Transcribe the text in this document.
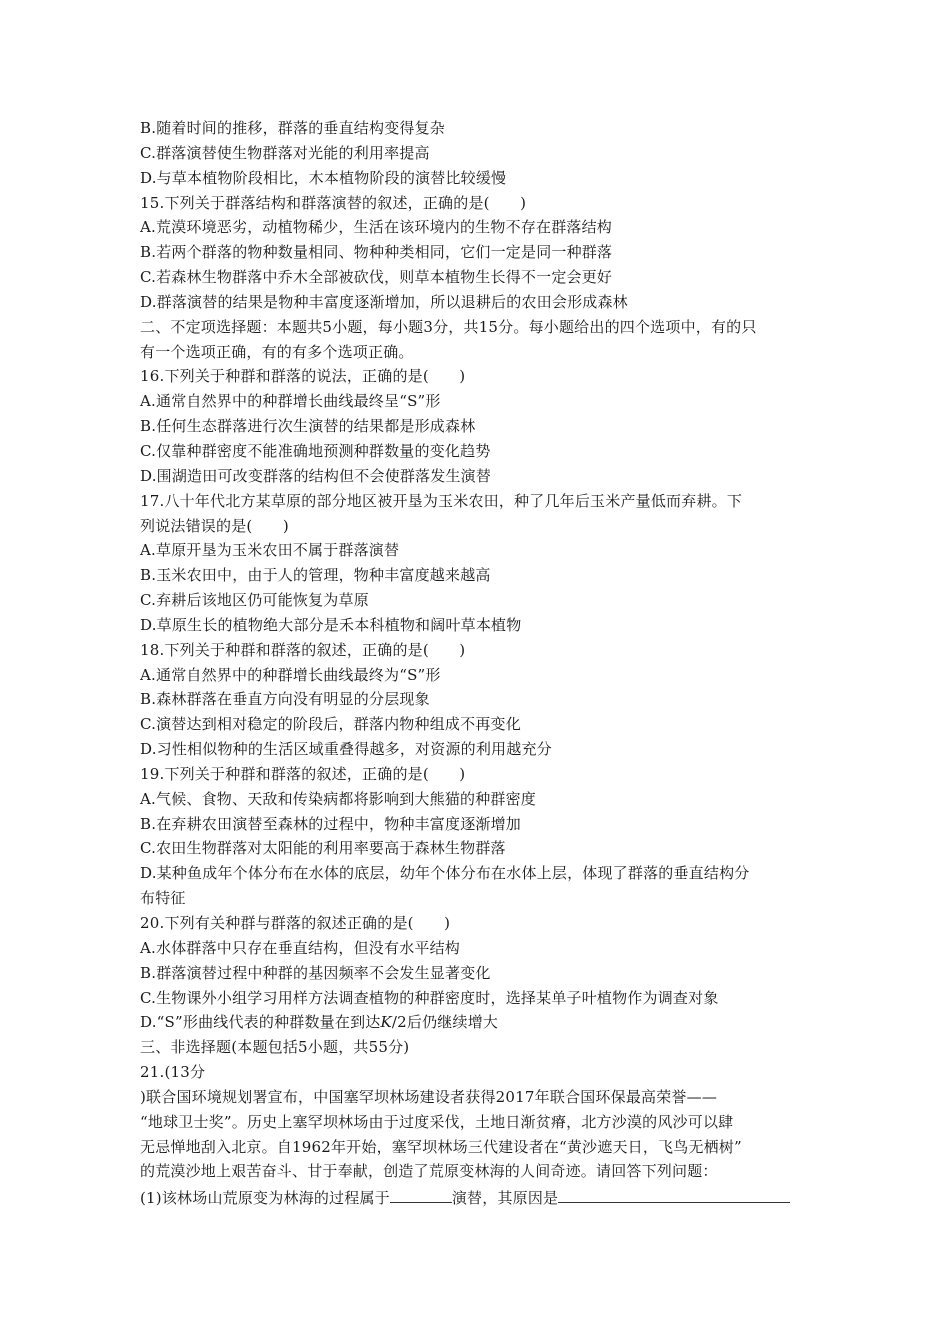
B.随着时间的推移，群落的垂直结构变得复杂
C.群落演替使生物群落对光能的利用率提高
D.与草本植物阶段相比，木本植物阶段的演替比较缓慢
15.下列关于群落结构和群落演替的叙述，正确的是(　　)
A.荒漠环境恶劣，动植物稀少，生活在该环境内的生物不存在群落结构
B.若两个群落的物种数量相同、物种种类相同，它们一定是同一种群落
C.若森林生物群落中乔木全部被砍伐，则草本植物生长得不一定会更好
D.群落演替的结果是物种丰富度逐渐增加，所以退耕后的农田会形成森林
二、不定项选择题：本题共5小题，每小题3分，共15分。每小题给出的四个选项中，有的只
有一个选项正确，有的有多个选项正确。
16.下列关于种群和群落的说法，正确的是(　　)
A.通常自然界中的种群增长曲线最终呈“S”形
B.任何生态群落进行次生演替的结果都是形成森林
C.仅靠种群密度不能准确地预测种群数量的变化趋势
D.围湖造田可改变群落的结构但不会使群落发生演替
17.八十年代北方某草原的部分地区被开垦为玉米农田，种了几年后玉米产量低而弃耕。下
列说法错误的是(　　)
A.草原开垦为玉米农田不属于群落演替
B.玉米农田中，由于人的管理，物种丰富度越来越高
C.弃耕后该地区仍可能恢复为草原
D.草原生长的植物绝大部分是禾本科植物和阔叶草本植物
18.下列关于种群和群落的叙述，正确的是(　　)
A.通常自然界中的种群增长曲线最终为“S”形
B.森林群落在垂直方向没有明显的分层现象
C.演替达到相对稳定的阶段后，群落内物种组成不再变化
D.习性相似物种的生活区域重叠得越多，对资源的利用越充分
19.下列关于种群和群落的叙述，正确的是(　　)
A.气候、食物、天敌和传染病都将影响到大熊猫的种群密度
B.在弃耕农田演替至森林的过程中，物种丰富度逐渐增加
C.农田生物群落对太阳能的利用率要高于森林生物群落
D.某种鱼成年个体分布在水体的底层，幼年个体分布在水体上层，体现了群落的垂直结构分
布特征
20.下列有关种群与群落的叙述正确的是(　　)
A.水体群落中只存在垂直结构，但没有水平结构
B.群落演替过程中种群的基因频率不会发生显著变化
C.生物课外小组学习用样方法调查植物的种群密度时，选择某单子叶植物作为调查对象
D.“S”形曲线代表的种群数量在到达K/2后仍继续增大
三、非选择题(本题包括5小题，共55分)
21.(13分
)联合国环境规划署宣布，中国塞罕坝林场建设者获得2017年联合国环保最高荣誉——
“地球卫士奖”。历史上塞罕坝林场由于过度采伐，土地日渐贫瘠，北方沙漠的风沙可以肆
无忌惮地刮入北京。自1962年开始，塞罕坝林场三代建设者在“黄沙遮天日，飞鸟无栖树”
的荒漠沙地上艰苦奋斗、甘于奉献，创造了荒原变林海的人间奇迹。请回答下列问题：
(1)该林场山荒原变为林海的过程属于	演替，其原因是
